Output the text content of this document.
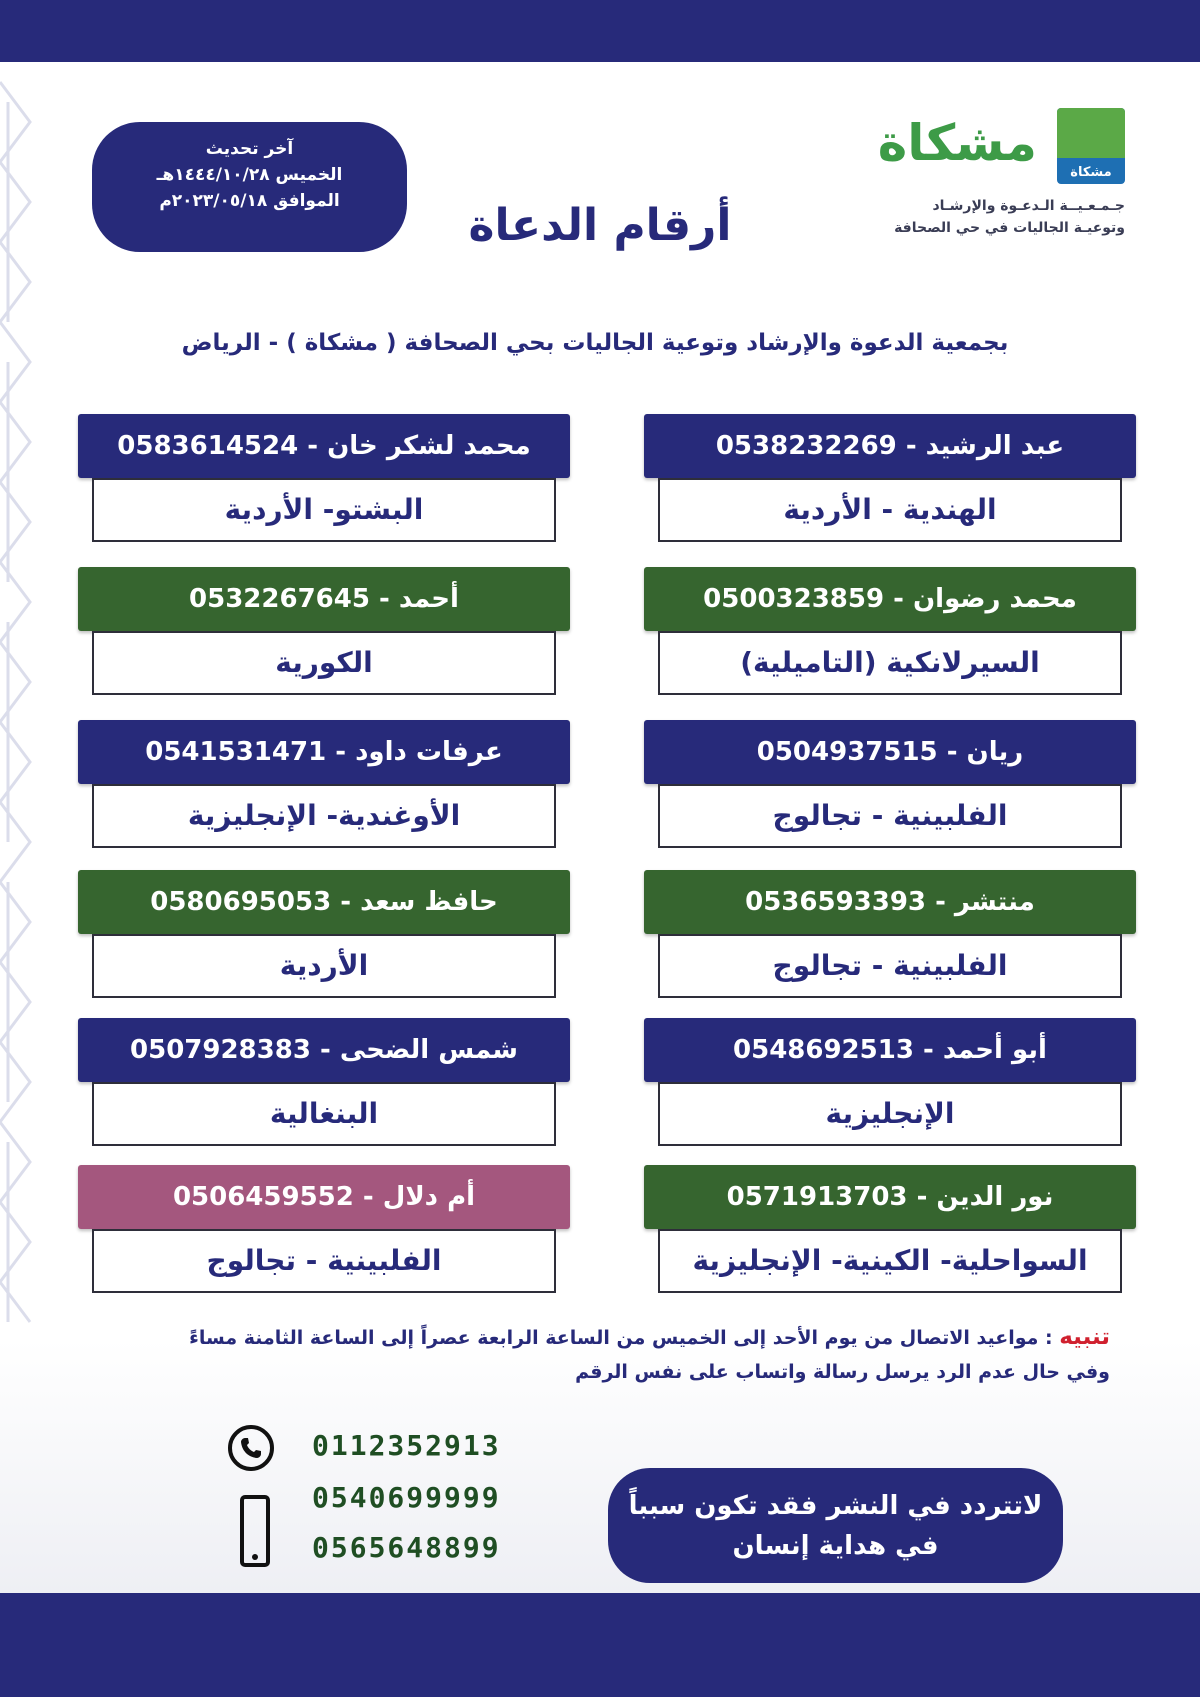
آخر تحديث
الخميس ١٤٤٤/١٠/٢٨هـ
الموافق ٢٠٢٣/٠٥/١٨م
مشكاة
مشكاة
جـمـعـيــة الـدعـوة والإرشـاد
وتوعيـة الجاليات في حي الصحافة
أرقام الدعاة
بجمعية الدعوة والإرشاد وتوعية الجاليات بحي الصحافة ( مشكاة ) - الرياض
عبد الرشيد - 0538232269
الهندية - الأردية
محمد لشكر خان - 0583614524
البشتو- الأردية
محمد رضوان - 0500323859
السيرلانكية (التاميلية)
أحمد - 0532267645
الكورية
ريان - 0504937515
الفلبينية - تجالوج
عرفات داود - 0541531471
الأوغندية- الإنجليزية
منتشر - 0536593393
الفلبينية - تجالوج
حافظ سعد - 0580695053
الأردية
أبو أحمد - 0548692513
الإنجليزية
شمس الضحى - 0507928383
البنغالية
نور الدين - 0571913703
السواحلية- الكينية- الإنجليزية
أم دلال - 0506459552
الفلبينية - تجالوج
تنبيه : مواعيد الاتصال من يوم الأحد إلى الخميس من الساعة الرابعة عصراً إلى الساعة الثامنة مساءً
وفي حال عدم الرد يرسل رسالة واتساب على نفس الرقم
0112352913
0540699999
0565648899
لاتتردد في النشر فقد تكون سبباً
في هداية إنسان
